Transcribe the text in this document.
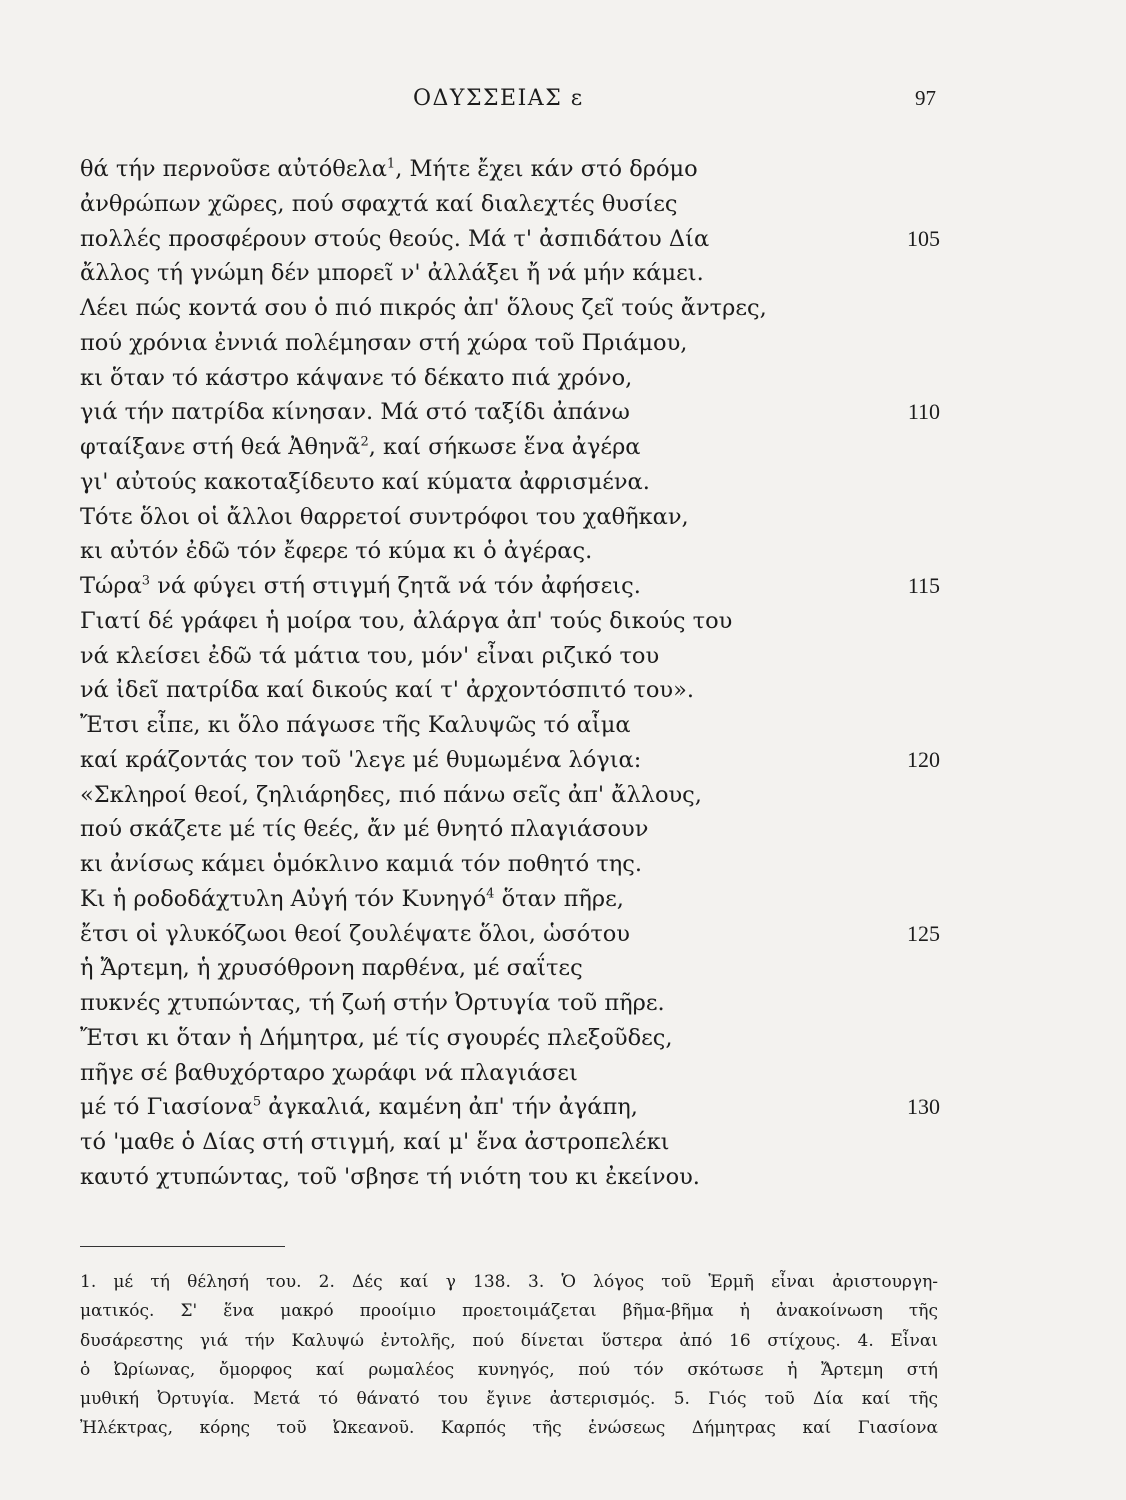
ΟΔΥΣΣΕΙΑΣ ε	97
θά τήν περνοῦσε αὐτόθελα$^1$, Μήτε ἔχει κάν στό δρόμο
ἀνθρώπων χῶρες, πού σφαχτά καί διαλεχτές θυσίες
πολλές προσφέρουν στούς θεούς. Μά τ' ἀσπιδάτου Δία	105
ἄλλος τή γνώμη δέν μπορεῖ ν' ἀλλάξει ἤ νά μήν κάμει.
Λέει πώς κοντά σου ὁ πιό πικρός ἀπ' ὅλους ζεῖ τούς ἄντρες,
πού χρόνια ἐννιά πολέμησαν στή χώρα τοῦ Πριάμου,
κι ὅταν τό κάστρο κάψανε τό δέκατο πιά χρόνο,
γιά τήν πατρίδα κίνησαν. Μά στό ταξίδι ἀπάνω	110
φταίξανε στή θεά Ἀθηνᾶ$^2$, καί σήκωσε ἕνα ἀγέρα
γι' αὐτούς κακοταξίδευτο καί κύματα ἀφρισμένα.
Τότε ὅλοι οἱ ἄλλοι θαρρετοί συντρόφοι του χαθῆκαν,
κι αὐτόν ἐδῶ τόν ἔφερε τό κύμα κι ὁ ἀγέρας.
Τώρα$^3$ νά φύγει στή στιγμή ζητᾶ νά τόν ἀφήσεις.	115
Γιατί δέ γράφει ἡ μοίρα του, ἀλάργα ἀπ' τούς δικούς του
νά κλείσει ἐδῶ τά μάτια του, μόν' εἶναι ριζικό του
νά ἰδεῖ πατρίδα καί δικούς καί τ' ἀρχοντόσπιτό του».
Ἔτσι εἶπε, κι ὅλο πάγωσε τῆς Καλυψῶς τό αἷμα
καί κράζοντάς τον τοῦ 'λεγε μέ θυμωμένα λόγια:	120
«Σκληροί θεοί, ζηλιάρηδες, πιό πάνω σεῖς ἀπ' ἄλλους,
πού σκάζετε μέ τίς θεές, ἄν μέ θνητό πλαγιάσουν
κι ἀνίσως κάμει ὁμόκλινο καμιά τόν ποθητό της.
Κι ἡ ροδοδάχτυλη Αὐγή τόν Κυνηγό$^4$ ὅταν πῆρε,
ἔτσι οἱ γλυκόζωοι θεοί ζουλέψατε ὅλοι, ὡσότου	125
ἡ Ἄρτεμη, ἡ χρυσόθρονη παρθένα, μέ σαΐτες
πυκνές χτυπώντας, τή ζωή στήν Ὀρτυγία τοῦ πῆρε.
Ἔτσι κι ὅταν ἡ Δήμητρα, μέ τίς σγουρές πλεξοῦδες,
πῆγε σέ βαθυχόρταρο χωράφι νά πλαγιάσει
μέ τό Γιασίονα$^5$ ἀγκαλιά, καμένη ἀπ' τήν ἀγάπη,	130
τό 'μαθε ὁ Δίας στή στιγμή, καί μ' ἕνα ἀστροπελέκι
καυτό χτυπώντας, τοῦ 'σβησε τή νιότη του κι ἐκείνου.
1. μέ τή θέλησή του. 2. Δές καί γ 138. 3. Ὁ λόγος τοῦ Ἑρμῆ εἶναι ἀριστουργη-
ματικός. Σ' ἕνα μακρό προοίμιο προετοιμάζεται βῆμα-βῆμα ἡ ἀνακοίνωση τῆς
δυσάρεστης γιά τήν Καλυψώ ἐντολῆς, πού δίνεται ὕστερα ἀπό 16 στίχους. 4. Εἶναι
ὁ Ὠρίωνας, ὄμορφος καί ρωμαλέος κυνηγός, πού τόν σκότωσε ἡ Ἄρτεμη στή
μυθική Ὀρτυγία. Μετά τό θάνατό του ἔγινε ἀστερισμός. 5. Γιός τοῦ Δία καί τῆς
Ἠλέκτρας, κόρης τοῦ Ὠκεανοῦ. Καρπός τῆς ἑνώσεως Δήμητρας καί Γιασίονα
